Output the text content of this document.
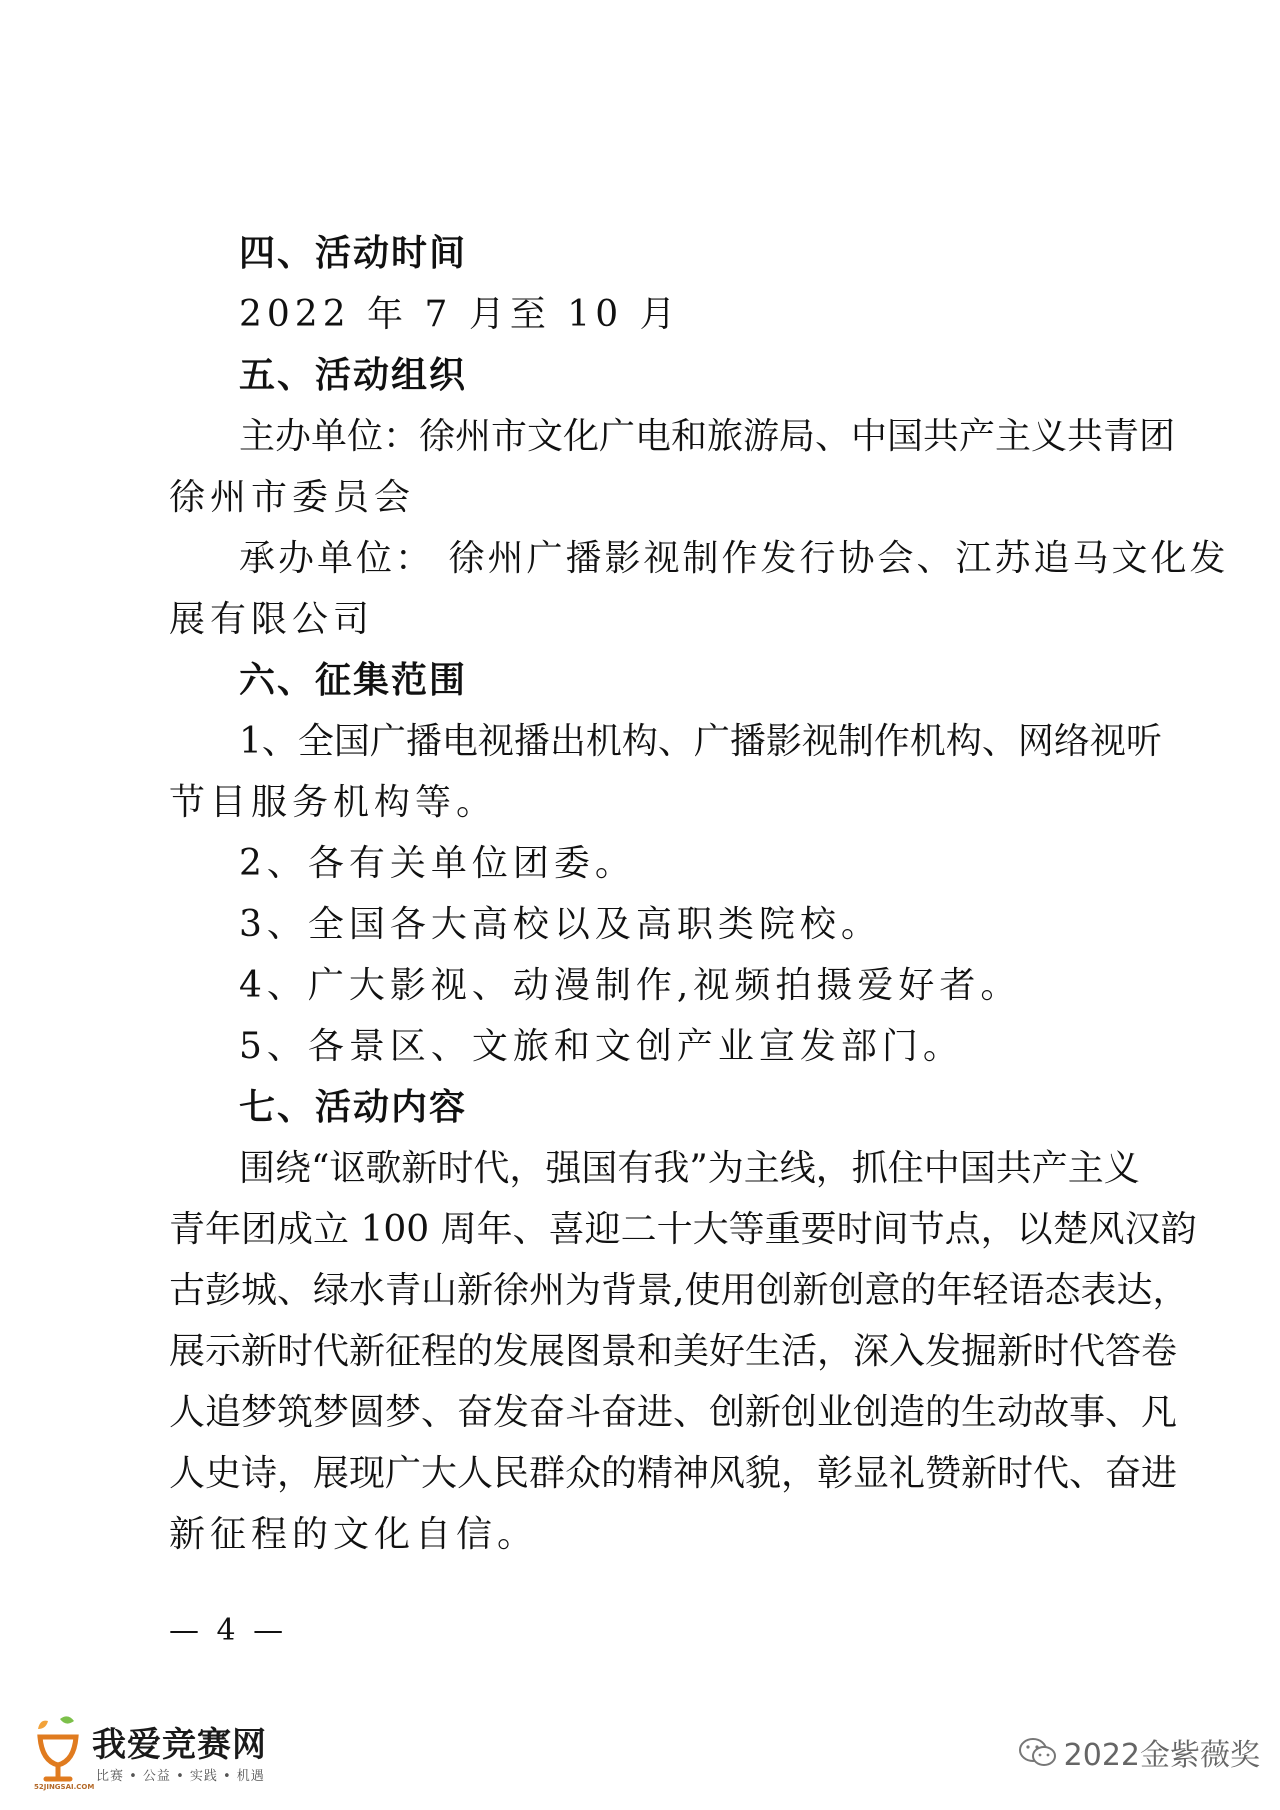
四、活动时间
2022 年 7 月至 10 月
五、活动组织
主办单位：徐州市文化广电和旅游局、中国共产主义共青团
徐州市委员会
承办单位： 徐州广播影视制作发行协会、江苏追马文化发
展有限公司
六、征集范围
1、全国广播电视播出机构、广播影视制作机构、网络视听
节目服务机构等。
2、各有关单位团委。
3、全国各大高校以及高职类院校。
4、广大影视、动漫制作,视频拍摄爱好者。
5、各景区、文旅和文创产业宣发部门。
七、活动内容
围绕“讴歌新时代，强国有我”为主线，抓住中国共产主义
青年团成立 100 周年、喜迎二十大等重要时间节点，以楚风汉韵
古彭城、绿水青山新徐州为背景,使用创新创意的年轻语态表达，
展示新时代新征程的发展图景和美好生活，深入发掘新时代答卷
人追梦筑梦圆梦、奋发奋斗奋进、创新创业创造的生动故事、凡
人史诗，展现广大人民群众的精神风貌，彰显礼赞新时代、奋进
新征程的文化自信。
— 4 —
我爱竞赛网
52JINGSAI.COM
比赛 • 公益 • 实践 • 机遇
2022金紫薇奖
